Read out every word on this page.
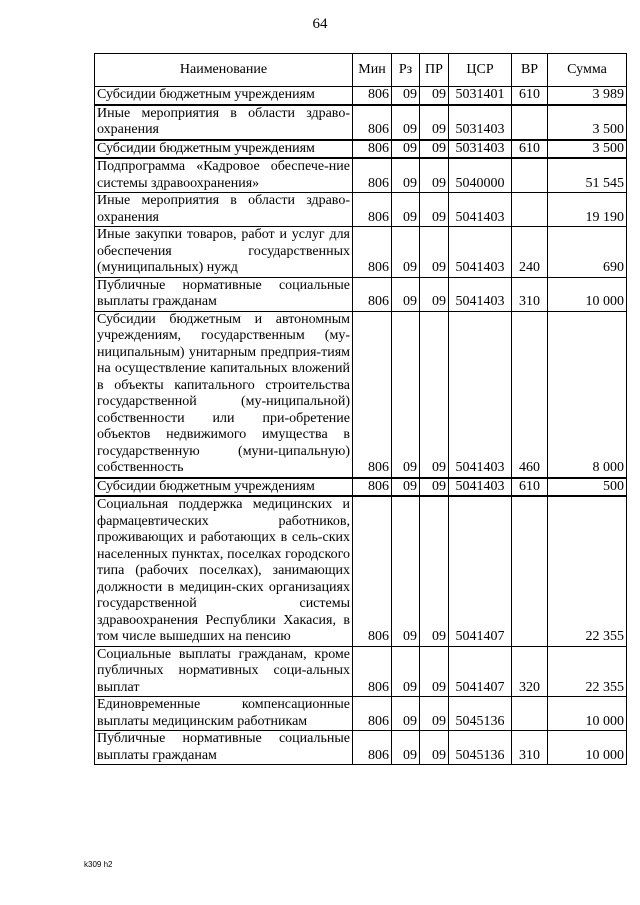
64
Наименование	Мин	Рз	ПР	ЦСР	ВР	Сумма
Субсидии бюджетным учреждениям	806	09	09	5031401	610	3 989
Иные мероприятия в области здраво-охранения	806	09	09	5031403		3 500
Субсидии бюджетным учреждениям	806	09	09	5031403	610	3 500
Подпрограмма «Кадровое обеспече-ние системы здравоохранения»	806	09	09	5040000		51 545
Иные мероприятия в области здраво-охранения	806	09	09	5041403		19 190
Иные закупки товаров, работ и услуг для обеспечения государственных (муниципальных) нужд	806	09	09	5041403	240	690
Публичные нормативные социальные выплаты гражданам	806	09	09	5041403	310	10 000
Субсидии бюджетным и автономным учреждениям, государственным (му-ниципальным) унитарным предприя-тиям на осуществление капитальных вложений в объекты капитального строительства государственной (му-ниципальной) собственности или при-обретение объектов недвижимого имущества в государственную (муни-ципальную) собственность	806	09	09	5041403	460	8 000
Субсидии бюджетным учреждениям	806	09	09	5041403	610	500
Социальная поддержка медицинских и фармацевтических работников, проживающих и работающих в сель-ских населенных пунктах, поселках городского типа (рабочих поселках), занимающих должности в медицин-ских организациях государственной системы здравоохранения Республики Хакасия, в том числе вышедших на пенсию	806	09	09	5041407		22 355
Социальные выплаты гражданам, кроме публичных нормативных соци-альных выплат	806	09	09	5041407	320	22 355
Единовременные компенсационные выплаты медицинским работникам	806	09	09	5045136		10 000
Публичные нормативные социальные выплаты гражданам	806	09	09	5045136	310	10 000
k309 h2
